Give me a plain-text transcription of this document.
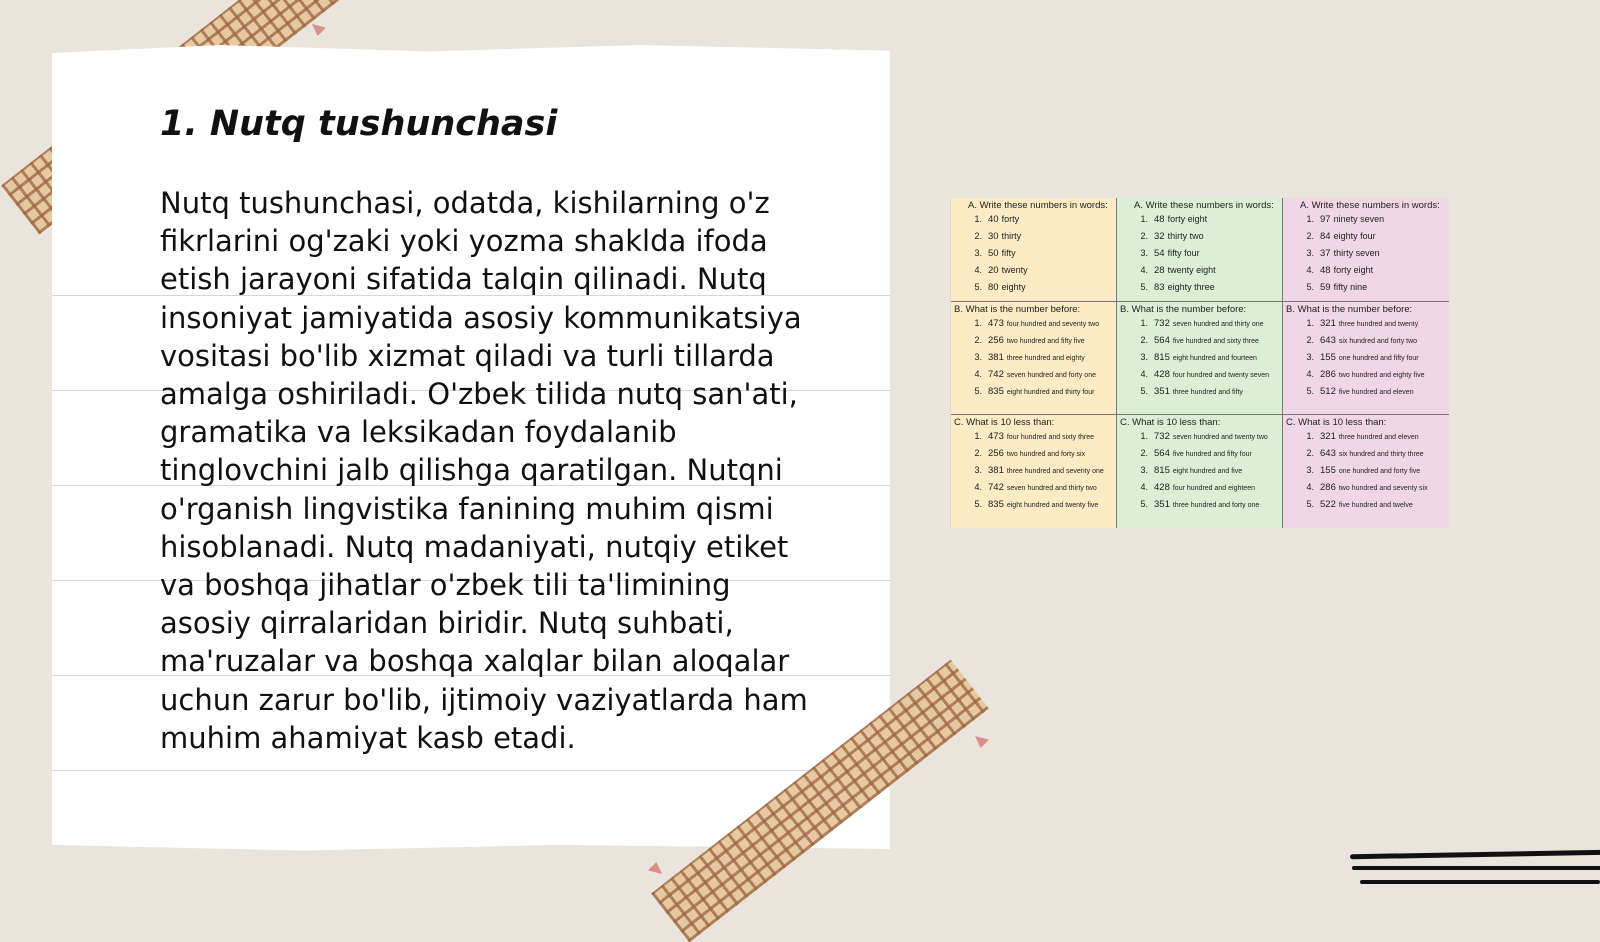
1. Nutq tushunchasi

Nutq tushunchasi, odatda, kishilarning o'z fikrlarini og'zaki yoki yozma shaklda ifoda etish jarayoni sifatida talqin qilinadi. Nutq insoniyat jamiyatida asosiy kommunikatsiya vositasi bo'lib xizmat qiladi va turli tillarda amalga oshiriladi. O'zbek tilida nutq san'ati, gramatika va leksikadan foydalanib tinglovchini jalb qilishga qaratilgan. Nutqni o'rganish lingvistika fanining muhim qismi hisoblanadi. Nutq madaniyati, nutqiy etiket va boshqa jihatlar o'zbek tili ta'limining asosiy qirralaridan biridir. Nutq suhbati, ma'ruzalar va boshqa xalqlar bilan aloqalar uchun zarur bo'lib, ijtimoiy vaziyatlarda ham muhim ahamiyat kasb etadi.

A. Write these numbers in words:
1. 40 forty
2. 30 thirty
3. 50 fifty
4. 20 twenty
5. 80 eighty
A. Write these numbers in words:
1. 48 forty eight
2. 32 thirty two
3. 54 fifty four
4. 28 twenty eight
5. 83 eighty three
A. Write these numbers in words:
1. 97 ninety seven
2. 84 eighty four
3. 37 thirty seven
4. 48 forty eight
5. 59 fifty nine
B. What is the number before:
1. 473 four hundred and seventy two
2. 256 two hundred and fifty five
3. 381 three hundred and eighty
4. 742 seven hundred and forty one
5. 835 eight hundred and thirty four
B. What is the number before:
1. 732 seven hundred and thirty one
2. 564 five hundred and sixty three
3. 815 eight hundred and fourteen
4. 428 four hundred and twenty seven
5. 351 three hundred and fifty
B. What is the number before:
1. 321 three hundred and twenty
2. 643 six hundred and forty two
3. 155 one hundred and fifty four
4. 286 two hundred and eighty five
5. 512 five hundred and eleven
C. What is 10 less than:
1. 473 four hundred and sixty three
2. 256 two hundred and forty six
3. 381 three hundred and seventy one
4. 742 seven hundred and thirty two
5. 835 eight hundred and twenty five
C. What is 10 less than:
1. 732 seven hundred and twenty two
2. 564 five hundred and fifty four
3. 815 eight hundred and five
4. 428 four hundred and eighteen
5. 351 three hundred and forty one
C. What is 10 less than:
1. 321 three hundred and eleven
2. 643 six hundred and thirty three
3. 155 one hundred and forty five
4. 286 two hundred and seventy six
5. 522 five hundred and twelve
